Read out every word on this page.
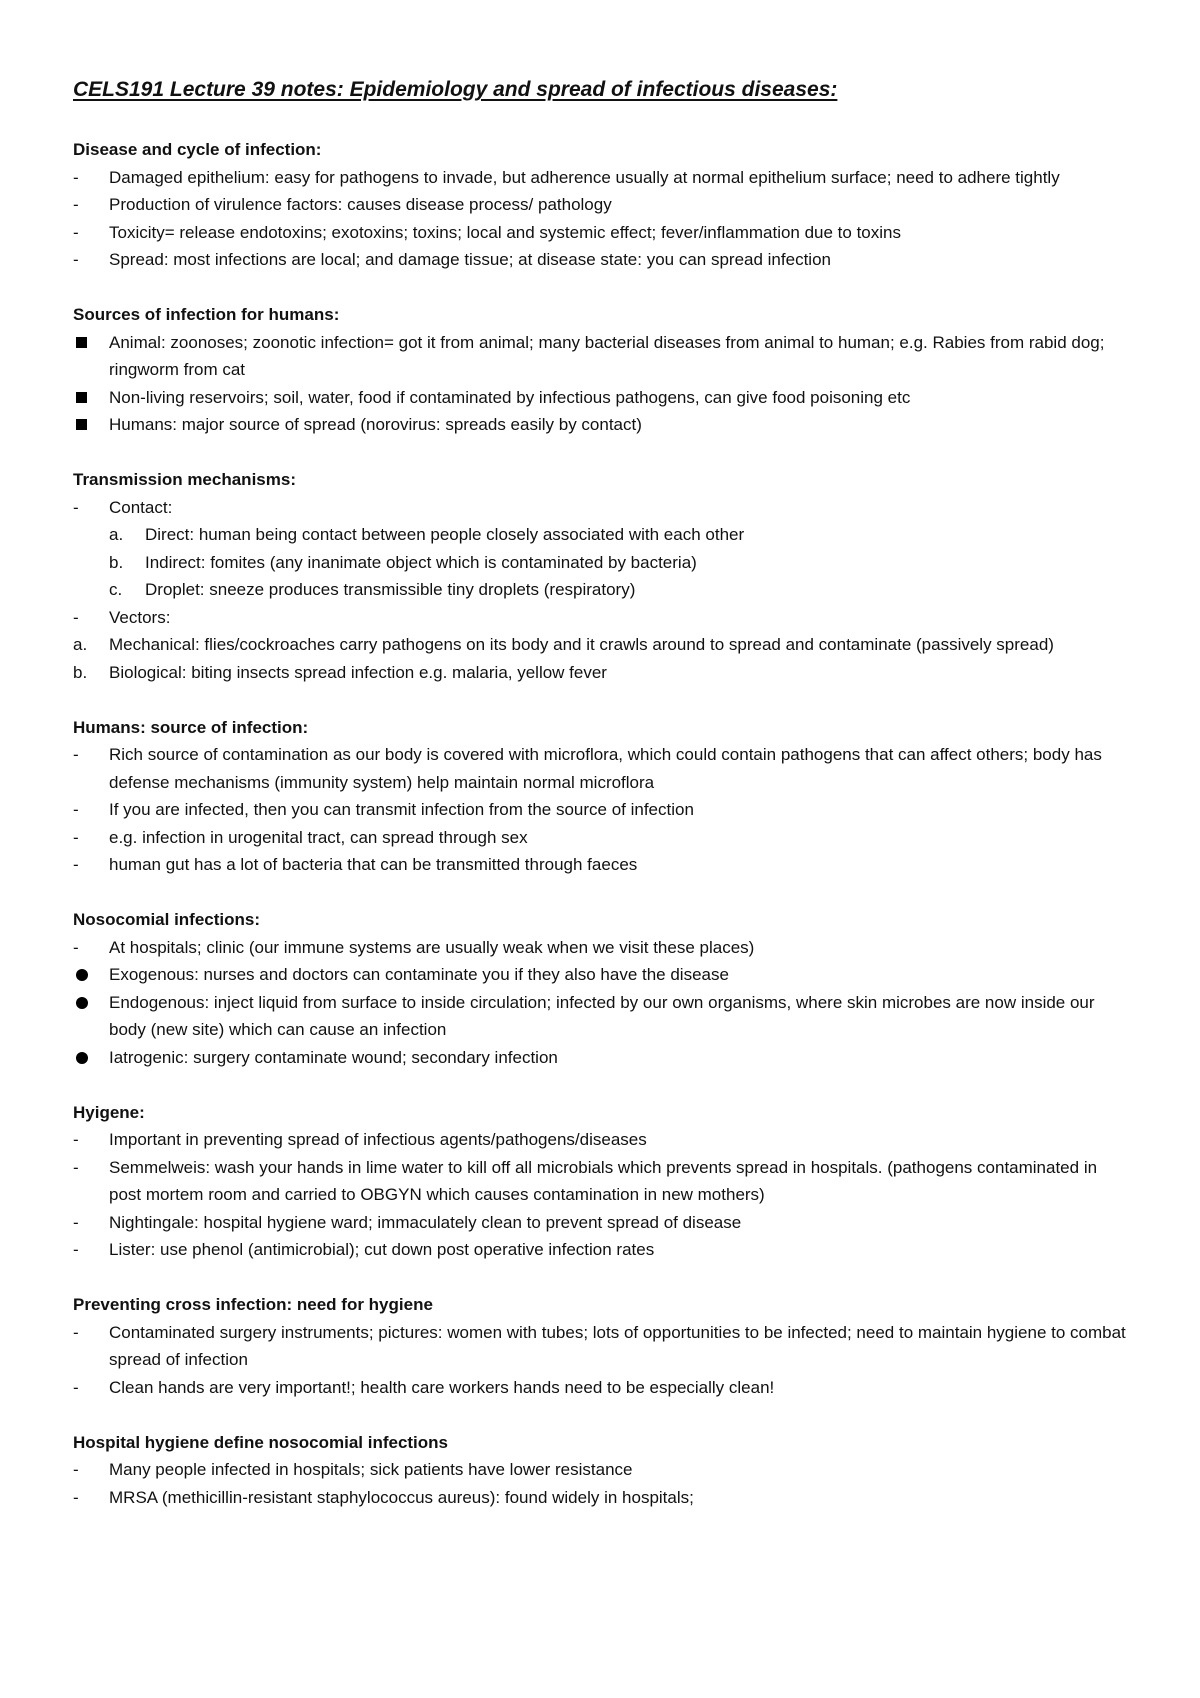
CELS191 Lecture 39 notes: Epidemiology and spread of infectious diseases:
Disease and cycle of infection:
-	Damaged epithelium: easy for pathogens to invade, but adherence usually at normal epithelium surface; need to adhere tightly
-	Production of virulence factors: causes disease process/ pathology
-	Toxicity= release endotoxins; exotoxins; toxins; local and systemic effect; fever/inflammation due to toxins
-	Spread: most infections are local; and damage tissue; at disease state: you can spread infection
Sources of infection for humans:
Animal: zoonoses; zoonotic infection= got it from animal; many bacterial diseases from animal to human; e.g. Rabies from rabid dog; ringworm from cat
Non-living reservoirs; soil, water, food if contaminated by infectious pathogens, can give food poisoning etc
Humans: major source of spread (norovirus: spreads easily by contact)
Transmission mechanisms:
-	Contact:
a.	Direct: human being contact between people closely associated with each other
b.	Indirect: fomites (any inanimate object which is contaminated by bacteria)
c.	Droplet: sneeze produces transmissible tiny droplets (respiratory)
-	Vectors:
a.	Mechanical: flies/cockroaches carry pathogens on its body and it crawls around to spread and contaminate (passively spread)
b.	Biological: biting insects spread infection e.g. malaria, yellow fever
Humans: source of infection:
-	Rich source of contamination as our body is covered with microflora, which could contain pathogens that can affect others; body has defense mechanisms (immunity system) help maintain normal microflora
-	If you are infected, then you can transmit infection from the source of infection
-	e.g. infection in urogenital tract, can spread through sex
-	human gut has a lot of bacteria that can be transmitted through faeces
Nosocomial infections:
-	At hospitals; clinic (our immune systems are usually weak when we visit these places)
Exogenous: nurses and doctors can contaminate you if they also have the disease
Endogenous: inject liquid from surface to inside circulation; infected by our own organisms, where skin microbes are now inside our body (new site) which can cause an infection
Iatrogenic: surgery contaminate wound; secondary infection
Hyigene:
-	Important in preventing spread of infectious agents/pathogens/diseases
-	Semmelweis: wash your hands in lime water to kill off all microbials which prevents spread in hospitals. (pathogens contaminated in post mortem room and carried to OBGYN which causes contamination in new mothers)
-	Nightingale: hospital hygiene ward; immaculately clean to prevent spread of disease
-	Lister: use phenol (antimicrobial); cut down post operative infection rates
Preventing cross infection: need for hygiene
-	Contaminated surgery instruments; pictures: women with tubes; lots of opportunities to be infected; need to maintain hygiene to combat spread of infection
-	Clean hands are very important!; health care workers hands need to be especially clean!
Hospital hygiene define nosocomial infections
-	Many people infected in hospitals; sick patients have lower resistance
-	MRSA (methicillin-resistant staphylococcus aureus): found widely in hospitals;
